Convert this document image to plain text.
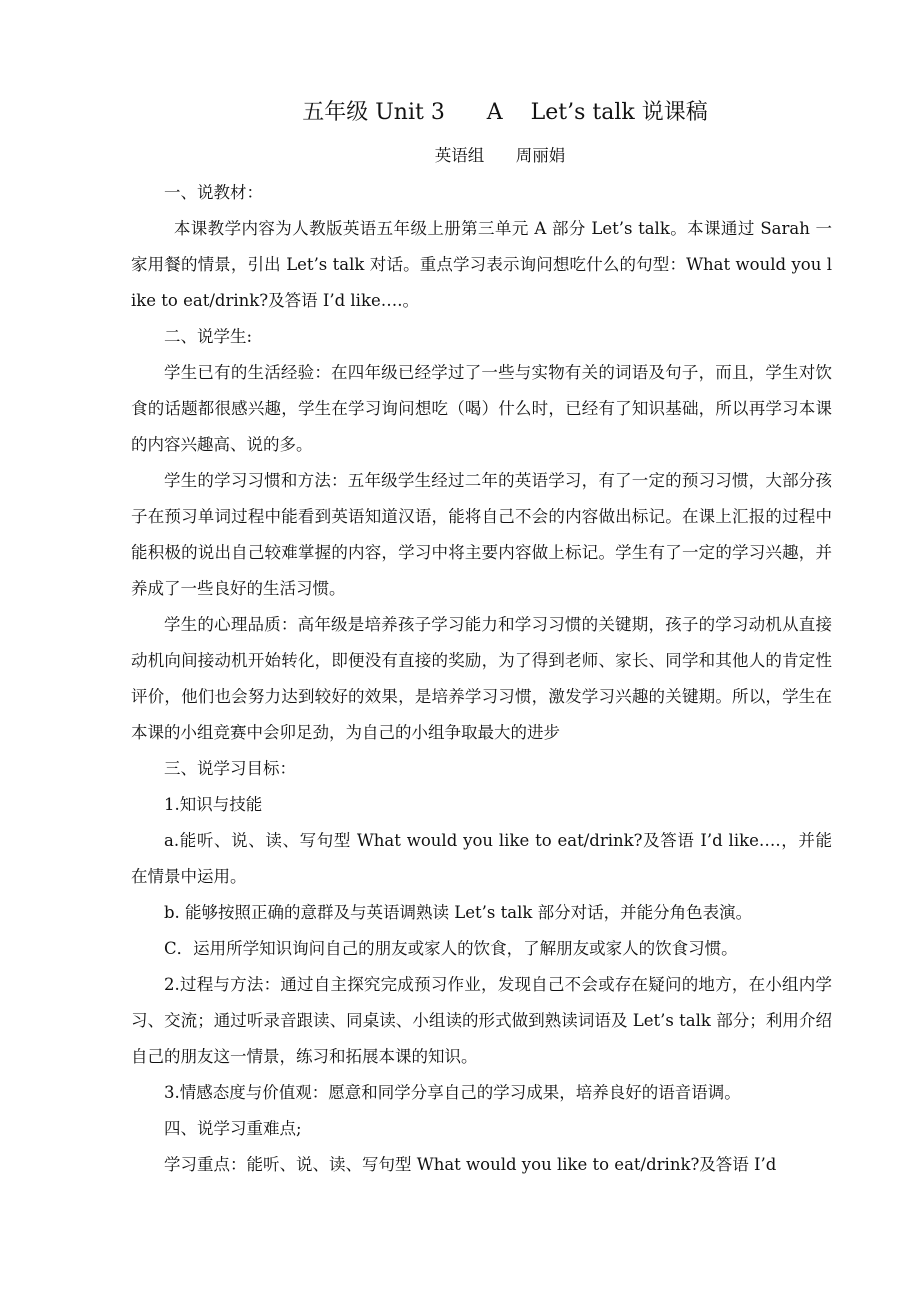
五年级 Unit 3      A    Let’s talk 说课稿
英语组      周丽娟

一、说教材：

本课教学内容为人教版英语五年级上册第三单元 A 部分 Let’s talk。本课通过 Sarah 一家用餐的情景，引出 Let’s talk 对话。重点学习表示询问想吃什么的句型：What would you like to eat/drink?及答语 I’d like….。

二、说学生:

学生已有的生活经验：在四年级已经学过了一些与实物有关的词语及句子，而且，学生对饮食的话题都很感兴趣，学生在学习询问想吃（喝）什么时，已经有了知识基础，所以再学习本课的内容兴趣高、说的多。

学生的学习习惯和方法：五年级学生经过二年的英语学习，有了一定的预习习惯，大部分孩子在预习单词过程中能看到英语知道汉语，能将自己不会的内容做出标记。在课上汇报的过程中能积极的说出自己较难掌握的内容，学习中将主要内容做上标记。学生有了一定的学习兴趣，并养成了一些良好的生活习惯。

学生的心理品质：高年级是培养孩子学习能力和学习习惯的关键期，孩子的学习动机从直接动机向间接动机开始转化，即便没有直接的奖励，为了得到老师、家长、同学和其他人的肯定性评价，他们也会努力达到较好的效果，是培养学习习惯，激发学习兴趣的关键期。所以，学生在本课的小组竞赛中会卯足劲，为自己的小组争取最大的进步

三、说学习目标：

1.知识与技能

a.能听、说、读、写句型 What would you like to eat/drink?及答语 I’d like….，并能在情景中运用。

b. 能够按照正确的意群及与英语调熟读 Let’s talk 部分对话，并能分角色表演。

C．运用所学知识询问自己的朋友或家人的饮食，了解朋友或家人的饮食习惯。

2.过程与方法：通过自主探究完成预习作业，发现自己不会或存在疑问的地方，在小组内学习、交流；通过听录音跟读、同桌读、小组读的形式做到熟读词语及 Let’s talk 部分；利用介绍自己的朋友这一情景，练习和拓展本课的知识。

3.情感态度与价值观：愿意和同学分享自己的学习成果，培养良好的语音语调。

四、说学习重难点;

学习重点：能听、说、读、写句型 What would you like to eat/drink?及答语 I’d
